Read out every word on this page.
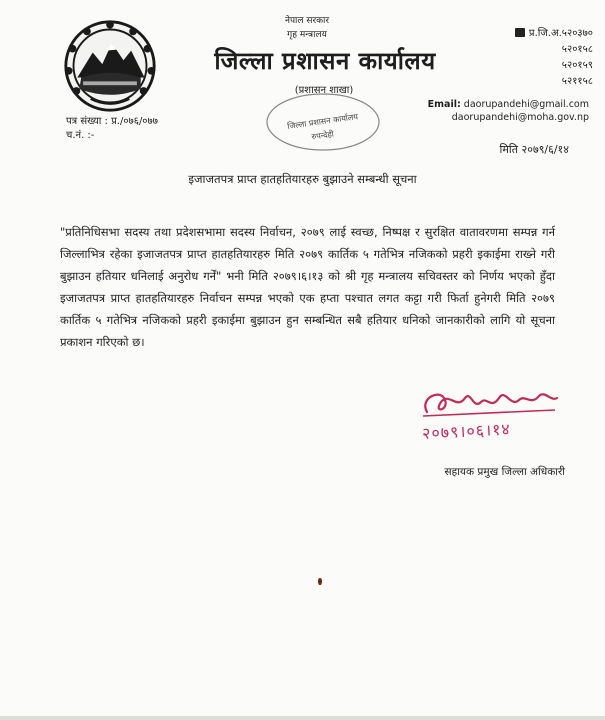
नेपाल सरकार
गृह मन्त्रालय
जिल्ला प्रशासन कार्यालय
(प्रशासन शाखा)
जिल्ला प्रशासन कार्यालय
रुपन्देही
प्र.जि.अ.५२०३७०
५२०१५८
५२०१५९
५२११५८
Email: daorupandehi@gmail.com
daorupandehi@moha.gov.np
पत्र संख्या : प्र./०७६/०७७
च.नं. :-
मिति २०७९/६/१४
इजाजतपत्र प्राप्त हातहतियारहरु बुझाउने सम्बन्धी सूचना
"प्रतिनिधिसभा सदस्य तथा प्रदेशसभामा सदस्य निर्वाचन, २०७९ लाई स्वच्छ, निष्पक्ष र सुरक्षित वातावरणमा सम्पन्न गर्न जिल्लाभित्र रहेका इजाजतपत्र प्राप्त हातहतियारहरु मिति २०७९ कार्तिक ५ गतेभित्र नजिकको प्रहरी इकाईमा राख्ने गरी बुझाउन हतियार धनिलाई अनुरोध गर्नें" भनी मिति २०७९।६।१३ को श्री गृह मन्त्रालय सचिवस्तर को निर्णय भएको हुँदा इजाजतपत्र प्राप्त हातहतियारहरु निर्वाचन सम्पन्न भएको एक हप्ता पश्चात लगत कट्टा गरी फिर्ता हुनेगरी मिति २०७९ कार्तिक ५ गतेभित्र नजिकको प्रहरी इकाईमा बुझाउन हुन सम्बन्धित सबै हतियार धनिको जानकारीको लागि यो सूचना प्रकाशन गरिएको छ।
२०७९।०६।१४
सहायक प्रमुख जिल्ला अधिकारी
